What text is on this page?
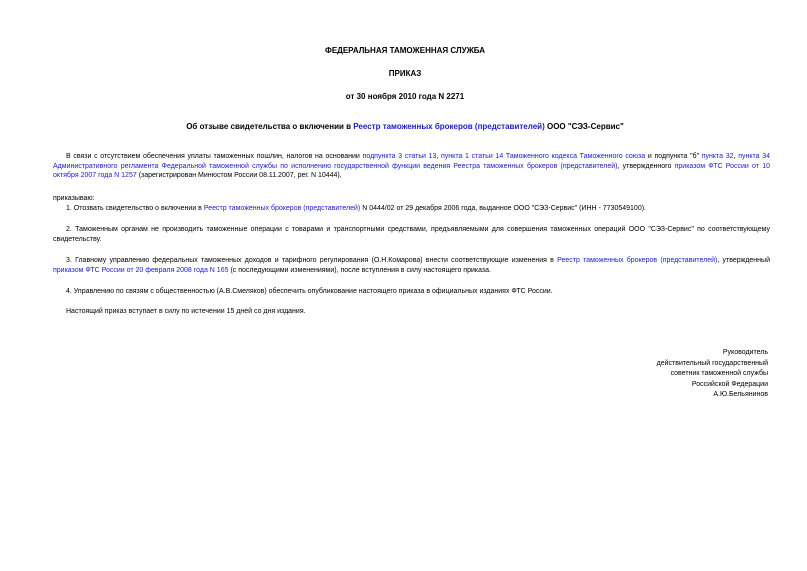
ФЕДЕРАЛЬНАЯ ТАМОЖЕННАЯ СЛУЖБА
ПРИКАЗ
от 30 ноября 2010 года N 2271
Об отзыве свидетельства о включении в Реестр таможенных брокеров (представителей) ООО "СЭЗ-Сервис"
В связи с отсутствием обеспечения уплаты таможенных пошлин, налогов на основании подпункта 3 статьи 13, пункта 1 статьи 14 Таможенного кодекса Таможенного союза и подпункта "б" пункта 32, пункта 34 Административного регламента Федеральной таможенной службы по исполнению государственной функции ведения Реестра таможенных брокеров (представителей), утвержденного приказом ФТС России от 10 октября 2007 года N 1257 (зарегистрирован Минюстом России 08.11.2007, рег. N 10444),
приказываю:
1. Отозвать свидетельство о включении в Реестр таможенных брокеров (представителей) N 0444/02 от 29 декабря 2006 года, выданное ООО "СЭЗ-Сервис" (ИНН - 7730549100).
2. Таможенным органам не производить таможенные операции с товарами и транспортными средствами, предъявляемыми для совершения таможенных операций ООО "СЭЗ-Сервис" по соответствующему свидетельству.
3. Главному управлению федеральных таможенных доходов и тарифного регулирования (О.Н.Комарова) внести соответствующие изменения в Реестр таможенных брокеров (представителей), утвержденный приказом ФТС России от 20 февраля 2008 года N 165 (с последующими изменениями), после вступления в силу настоящего приказа.
4. Управлению по связям с общественностью (А.В.Смеляков) обеспечить опубликование настоящего приказа в официальных изданиях ФТС России.
Настоящий приказ вступает в силу по истечении 15 дней со дня издания.
Руководитель
действительный государственный
советник таможенной службы
Российской Федерации
А.Ю.Бельянинов
